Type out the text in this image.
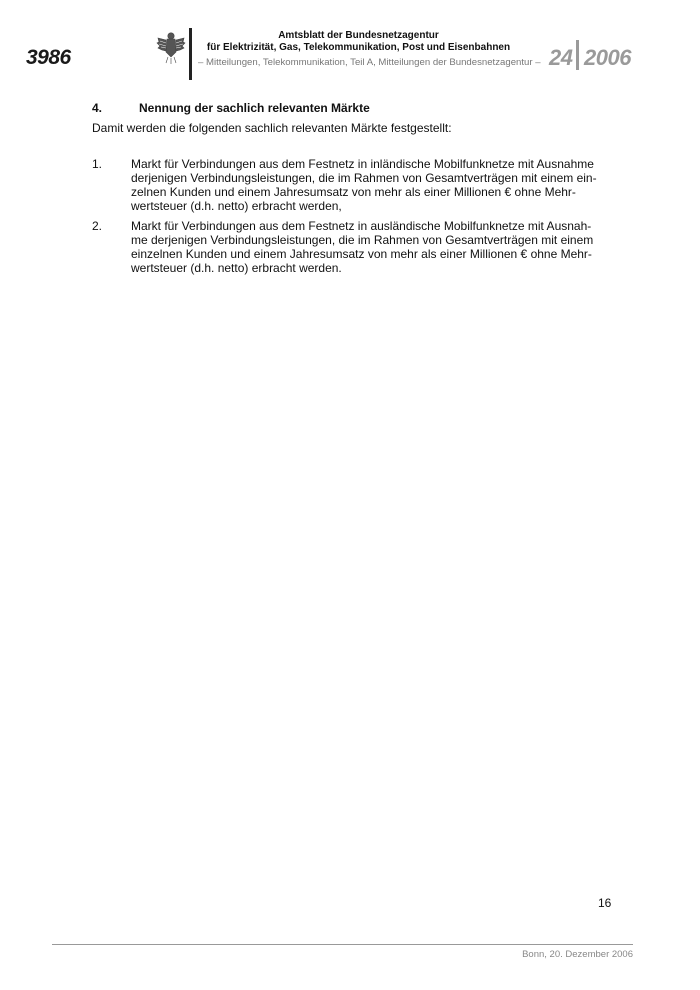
3986
Amtsblatt der Bundesnetzagentur
für Elektrizität, Gas, Telekommunikation, Post und Eisenbahnen
– Mitteilungen, Telekommunikation, Teil A, Mitteilungen der Bundesnetzagentur – 24 2006
4.	Nennung der sachlich relevanten Märkte
Damit werden die folgenden sachlich relevanten Märkte festgestellt:
1. Markt für Verbindungen aus dem Festnetz in inländische Mobilfunknetze mit Ausnahme
derjenigen Verbindungsleistungen, die im Rahmen von Gesamtverträgen mit einem ein-
zelnen Kunden und einem Jahresumsatz von mehr als einer Millionen € ohne Mehr-
wertsteuer (d.h. netto) erbracht werden,
2. Markt für Verbindungen aus dem Festnetz in ausländische Mobilfunknetze mit Ausnah-
me derjenigen Verbindungsleistungen, die im Rahmen von Gesamtverträgen mit einem
einzelnen Kunden und einem Jahresumsatz von mehr als einer Millionen € ohne Mehr-
wertsteuer (d.h. netto) erbracht werden.
16
Bonn, 20. Dezember 2006
